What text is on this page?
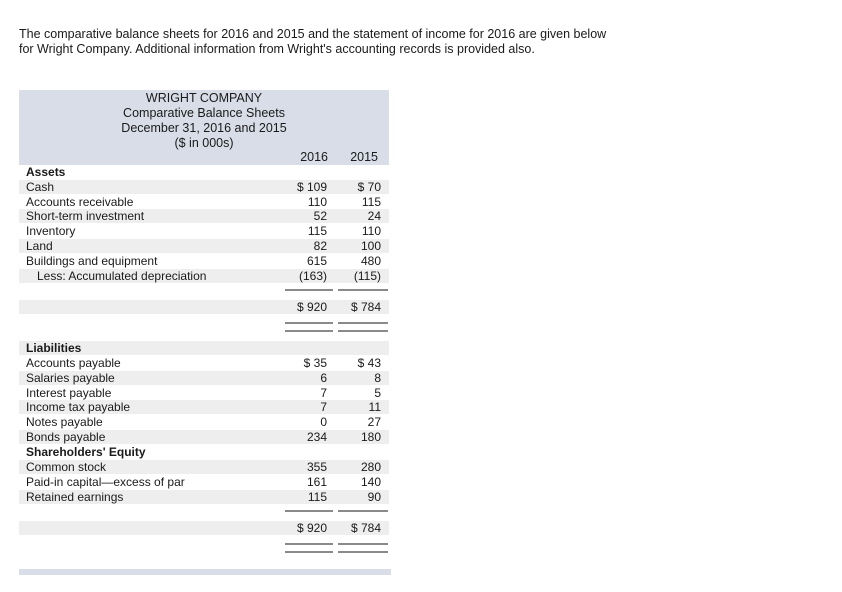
The comparative balance sheets for 2016 and 2015 and the statement of income for 2016 are given below
for Wright Company. Additional information from Wright's accounting records is provided also.
WRIGHT COMPANY
Comparative Balance Sheets
December 31, 2016 and 2015
($ in 000s)
2016	2015
Assets
Cash	$ 109	$ 70
Accounts receivable	110	115
Short-term investment	52	24
Inventory	115	110
Land	82	100
Buildings and equipment	615	480
Less: Accumulated depreciation	(163)	(115)
$ 920	$ 784
Liabilities
Accounts payable	$ 35	$ 43
Salaries payable	6	8
Interest payable	7	5
Income tax payable	7	11
Notes payable	0	27
Bonds payable	234	180
Shareholders' Equity
Common stock	355	280
Paid-in capital—excess of par	161	140
Retained earnings	115	90
$ 920	$ 784
